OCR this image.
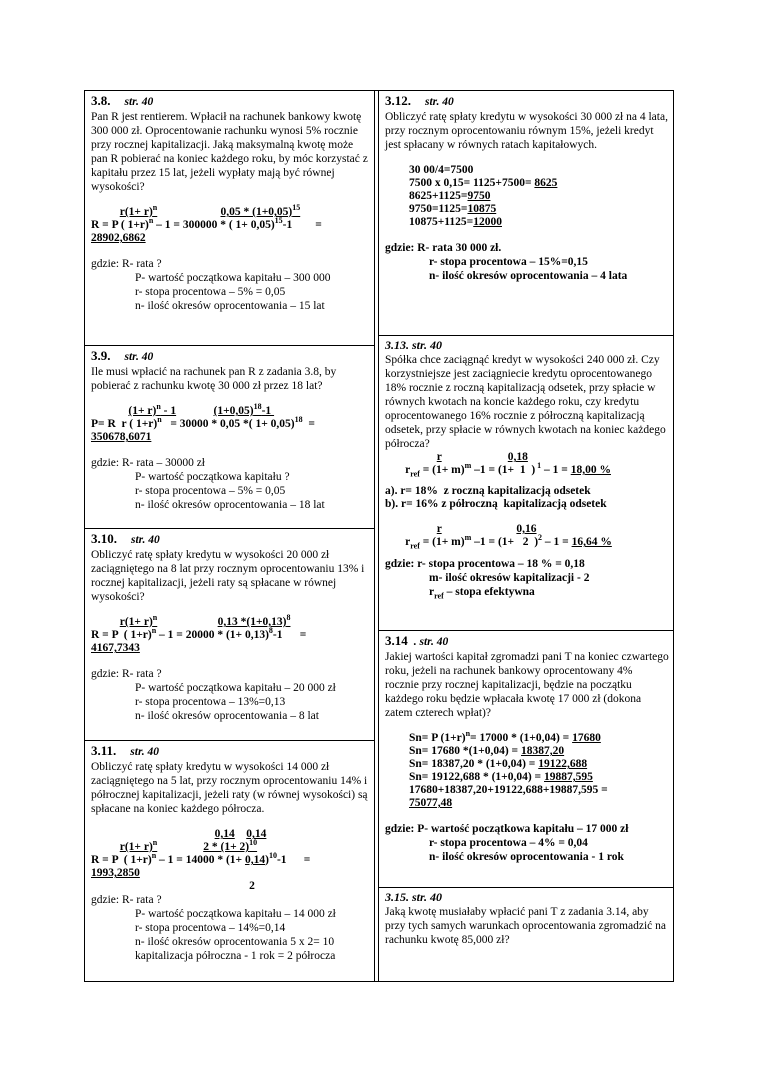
3.8. str. 40
Pan R jest rentierem. Wpłacił na rachunek bankowy kwotę 300 000 zł. Oprocentowanie rachunku wynosi 5% rocznie przy rocznej kapitalizacji. Jaką maksymalną kwotę może pan R pobierać na koniec każdego roku, by móc korzystać z kapitału przez 15 lat, jeżeli wypłaty mają być równej wysokości?
$r(1+ r)^n$	$0,05 * (1+0,05)^{15}$
R = P ( 1+r)$^n$ – 1 = 300000 * ( 1+ 0,05)$^{15}$-1        =
28902,6862
gdzie: R- rata ?
P- wartość początkowa kapitału – 300 000
r- stopa procentowa – 5% = 0,05
n- ilość okresów oprocentowania – 15 lat
3.9. str. 40
Ile musi wpłacić na rachunek pan R z zadania 3.8, by pobierać z rachunku kwotę 30 000 zł przez 18 lat?
$(1+ r)^n - 1$	$(1+0,05)^{18}-1$
P= R  r ( 1+r)$^n$   = 30000 * 0,05 *( 1+ 0,05)$^{18}$  =
350678,6071
gdzie: R- rata – 30000 zł
P- wartość początkowa kapitału ?
r- stopa procentowa – 5% = 0,05
n- ilość okresów oprocentowania – 18 lat
3.10. str. 40
Obliczyć ratę spłaty kredytu w wysokości 20 000 zł zaciągniętego na 8 lat przy rocznym oprocentowaniu 13% i rocznej kapitalizacji, jeżeli raty są spłacane w równej wysokości?
$r(1+ r)^n$	0,13 $*(1+0,13)^8$
R = P  ( $1+r)^n - 1 = 20000 * (1+ 0,13)^8-1$      =
4167,7343
gdzie: R- rata ?
P- wartość początkowa kapitału – 20 000 zł
r- stopa procentowa – 13%=0,13
n- ilość okresów oprocentowania – 8 lat
3.11. str. 40
Obliczyć ratę spłaty kredytu w wysokości 14 000 zł zaciągniętego na 5 lat, przy rocznym oprocentowaniu 14% i półrocznej kapitalizacji, jeżeli raty (w równej wysokości) są spłacane na koniec każdego półrocza.
0,14 0,14
$r(1+ r)^n$	$2 * (1+ 2)^{10}$
R = P  ( $1+r)^n - 1 = 14000 * (1+ 0,14)^{10}-1$      =
1993,2850
2
gdzie: R- rata ?
P- wartość początkowa kapitału – 14 000 zł
r- stopa procentowa – 14%=0,14
n- ilość okresów oprocentowania 5 x 2= 10
kapitalizacja półroczna - 1 rok = 2 półrocza
3.12. str. 40
Obliczyć ratę spłaty kredytu w wysokości 30 000 zł na 4 lata, przy rocznym oprocentowaniu równym 15%, jeżeli kredyt jest spłacany w równych ratach kapitałowych.
30 00/4=7500
7500 x 0,15= 1125+7500= 8625
8625+1125=9750
9750=1125=10875
10875+1125=12000
gdzie: R- rata 30 000 zł.
r- stopa procentowa – 15%=0,15
n- ilość okresów oprocentowania – 4 lata
3.13. str. 40
Spółka chce zaciągnąć kredyt w wysokości 240 000 zł. Czy korzystniejsze jest zaciągniecie kredytu oprocentowanego 18% rocznie z roczną kapitalizacją odsetek, przy spłacie w równych kwotach na koncie każdego roku, czy kredytu oprocentowanego 16% rocznie z półroczną kapitalizacją odsetek, przy spłacie w równych kwotach na koniec każdego półrocza?
r	0,18
$r_{ref} = (1+ m)^m$ –1 = (1+  1  ) $^1$ – 1 = 18,00 %
a). r= 18%  z roczną kapitalizacją odsetek
b). r= 16% z półroczną  kapitalizacją odsetek
r	0,16
$r_{ref} = (1+ m)^m$ –1 = (1+   2  )$^2$ – 1 = 16,64 %
gdzie: r- stopa procentowa – 18 % = 0,18
m- ilość okresów kapitalizacji - 2
$r_{ref}$ – stopa efektywna
3.14 . str. 40
Jakiej wartości kapitał zgromadzi pani T na koniec czwartego roku, jeżeli na rachunek bankowy oprocentowany 4% rocznie przy rocznej kapitalizacji, będzie na początku każdego roku będzie wpłacała kwotę 17 000 zł (dokona zatem czterech wpłat)?
Sn= P $(1+r)^n= 17000 * (1+0,04) = 17680$
Sn= 17680 *(1+0,04) = 18387,20
Sn= 18387,20 * (1+0,04) = 19122,688
Sn= 19122,688 * (1+0,04) = 19887,595
17680+18387,20+19122,688+19887,595 =
75077,48
gdzie: P- wartość początkowa kapitału – 17 000 zł
r- stopa procentowa – 4% = 0,04
n- ilość okresów oprocentowania - 1 rok
3.15. str. 40
Jaką kwotę musiałaby wpłacić pani T z zadania 3.14, aby przy tych samych warunkach oprocentowania zgromadzić na rachunku kwotę 85,000 zł?
